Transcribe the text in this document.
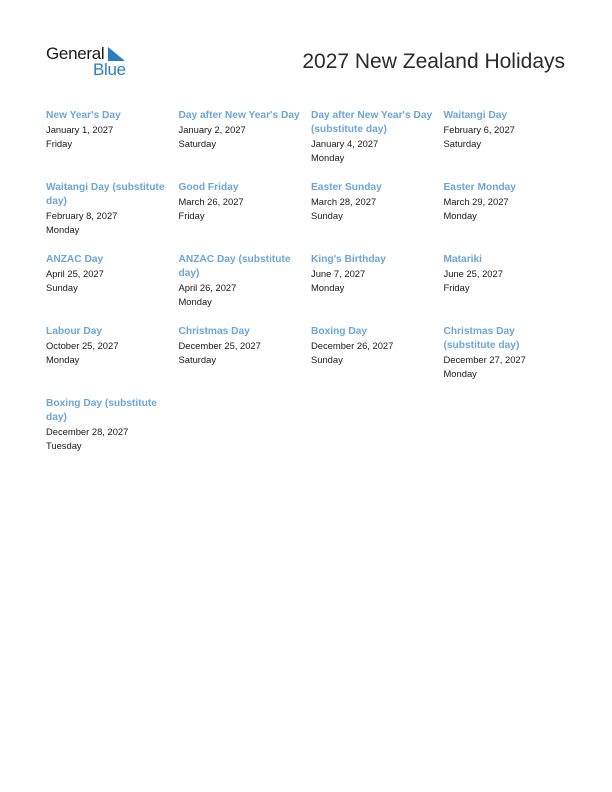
General
Blue	2027 New Zealand Holidays
New Year's Day
January 1, 2027
Friday
Day after New Year's Day
January 2, 2027
Saturday
Day after New Year's Day (substitute day)
January 4, 2027
Monday
Waitangi Day
February 6, 2027
Saturday
Waitangi Day (substitute day)
February 8, 2027
Monday
Good Friday
March 26, 2027
Friday
Easter Sunday
March 28, 2027
Sunday
Easter Monday
March 29, 2027
Monday
ANZAC Day
April 25, 2027
Sunday
ANZAC Day (substitute day)
April 26, 2027
Monday
King's Birthday
June 7, 2027
Monday
Matariki
June 25, 2027
Friday
Labour Day
October 25, 2027
Monday
Christmas Day
December 25, 2027
Saturday
Boxing Day
December 26, 2027
Sunday
Christmas Day (substitute day)
December 27, 2027
Monday
Boxing Day (substitute day)
December 28, 2027
Tuesday
